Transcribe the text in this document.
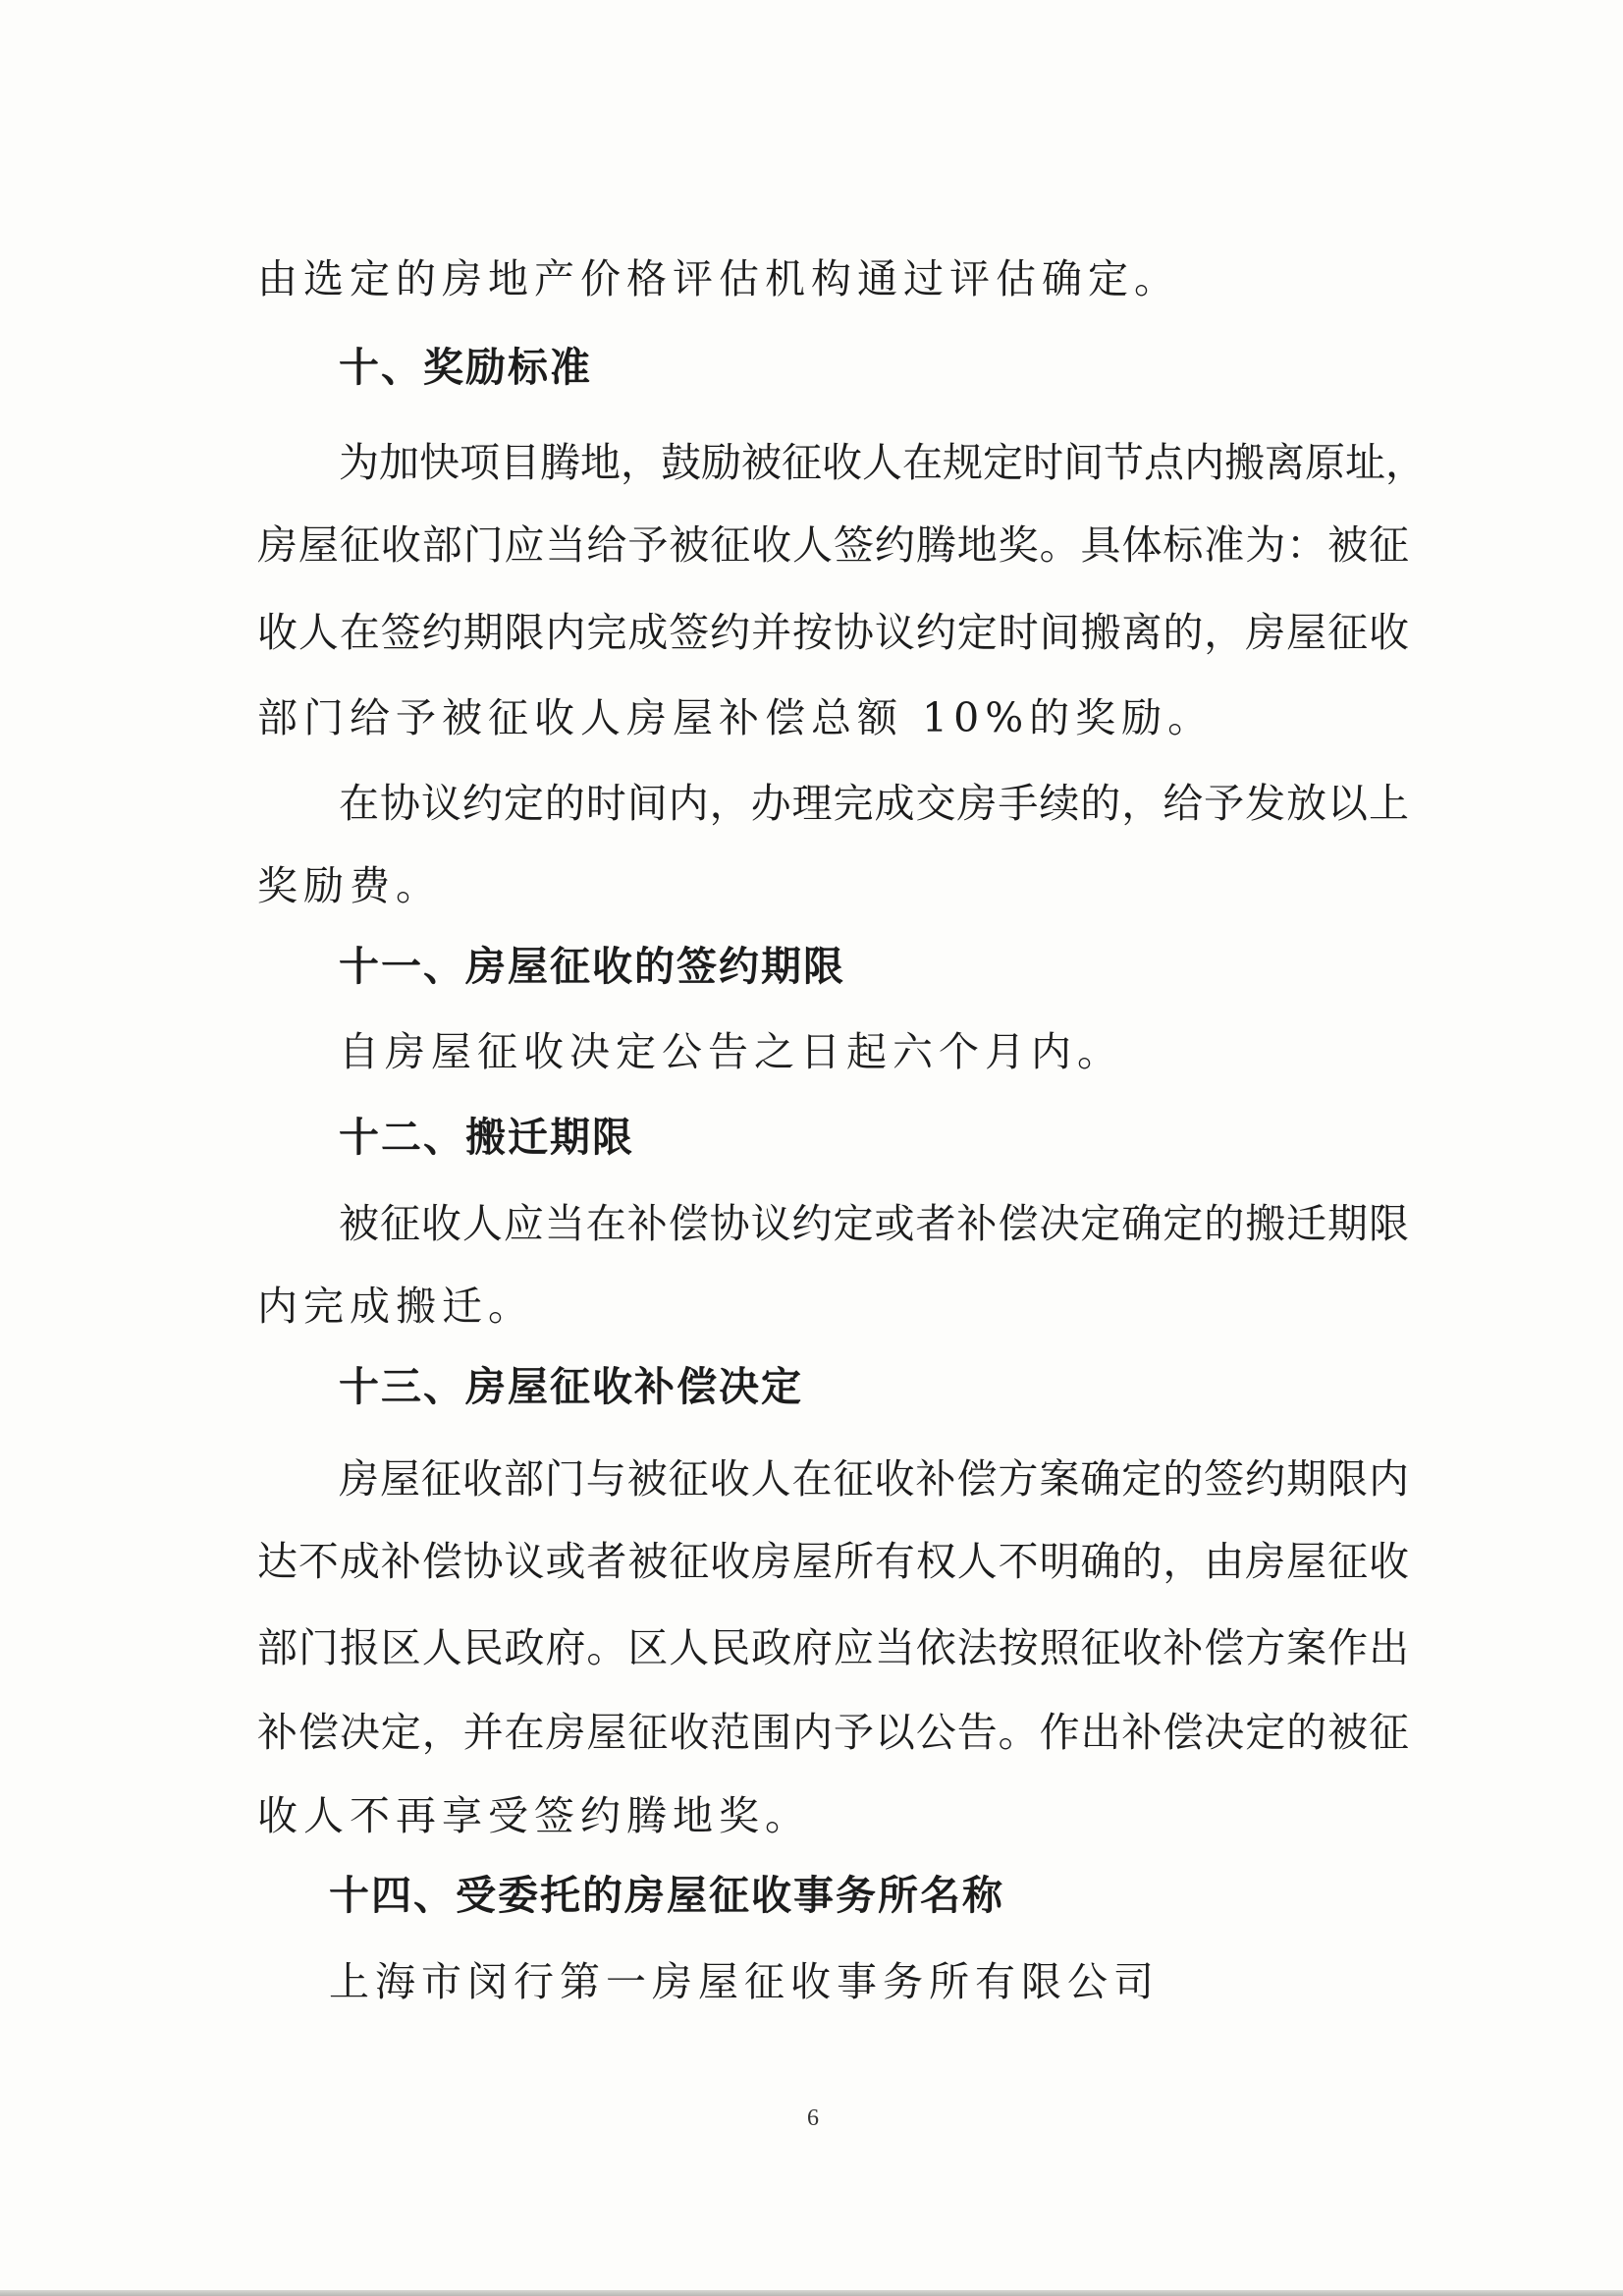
由选定的房地产价格评估机构通过评估确定。
十、奖励标准
为加快项目腾地，鼓励被征收人在规定时间节点内搬离原址，
房屋征收部门应当给予被征收人签约腾地奖。具体标准为：被征
收人在签约期限内完成签约并按协议约定时间搬离的，房屋征收
部门给予被征收人房屋补偿总额 10%的奖励。
在协议约定的时间内，办理完成交房手续的，给予发放以上
奖励费。
十一、房屋征收的签约期限
自房屋征收决定公告之日起六个月内。
十二、搬迁期限
被征收人应当在补偿协议约定或者补偿决定确定的搬迁期限
内完成搬迁。
十三、房屋征收补偿决定
房屋征收部门与被征收人在征收补偿方案确定的签约期限内
达不成补偿协议或者被征收房屋所有权人不明确的，由房屋征收
部门报区人民政府。区人民政府应当依法按照征收补偿方案作出
补偿决定，并在房屋征收范围内予以公告。作出补偿决定的被征
收人不再享受签约腾地奖。
十四、受委托的房屋征收事务所名称
上海市闵行第一房屋征收事务所有限公司
6
